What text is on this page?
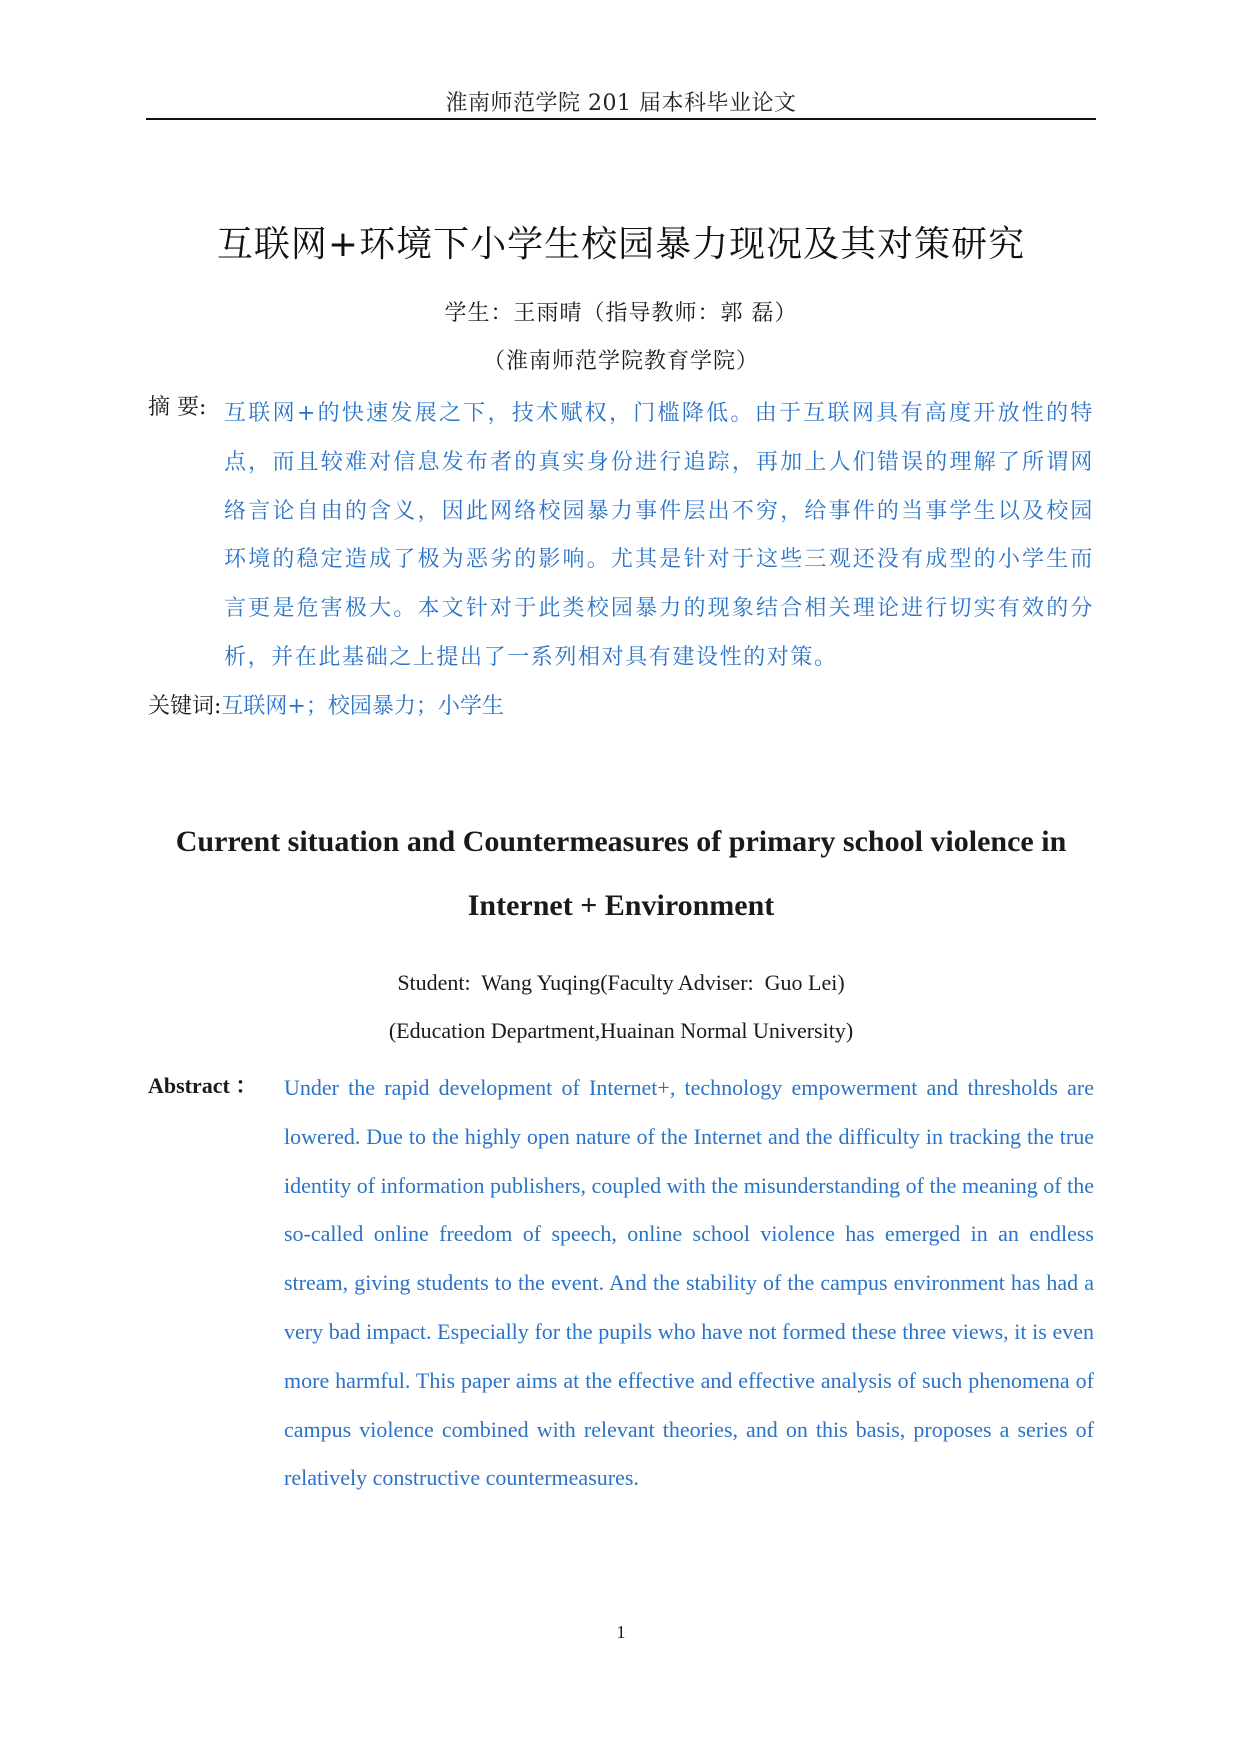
淮南师范学院 201 届本科毕业论文
互联网+环境下小学生校园暴力现况及其对策研究
学生：王雨晴（指导教师：郭 磊）
（淮南师范学院教育学院）
摘 要: 互联网+的快速发展之下，技术赋权，门槛降低。由于互联网具有高度开放性的特点，而且较难对信息发布者的真实身份进行追踪，再加上人们错误的理解了所谓网络言论自由的含义，因此网络校园暴力事件层出不穷，给事件的当事学生以及校园环境的稳定造成了极为恶劣的影响。尤其是针对于这些三观还没有成型的小学生而言更是危害极大。本文针对于此类校园暴力的现象结合相关理论进行切实有效的分析，并在此基础之上提出了一系列相对具有建设性的对策。
关键词:互联网+；校园暴力；小学生
Current situation and Countermeasures of primary school violence in Internet + Environment
Student:  Wang Yuqing(Faculty Adviser:  Guo Lei)
(Education Department,Huainan Normal University)
Abstract ： Under the rapid development of Internet+, technology empowerment and thresholds are lowered. Due to the highly open nature of the Internet and the difficulty in tracking the true identity of information publishers, coupled with the misunderstanding of the meaning of the so-called online freedom of speech, online school violence has emerged in an endless stream, giving students to the event. And the stability of the campus environment has had a very bad impact. Especially for the pupils who have not formed these three views, it is even more harmful. This paper aims at the effective and effective analysis of such phenomena of campus violence combined with relevant theories, and on this basis, proposes a series of relatively constructive countermeasures.
1
